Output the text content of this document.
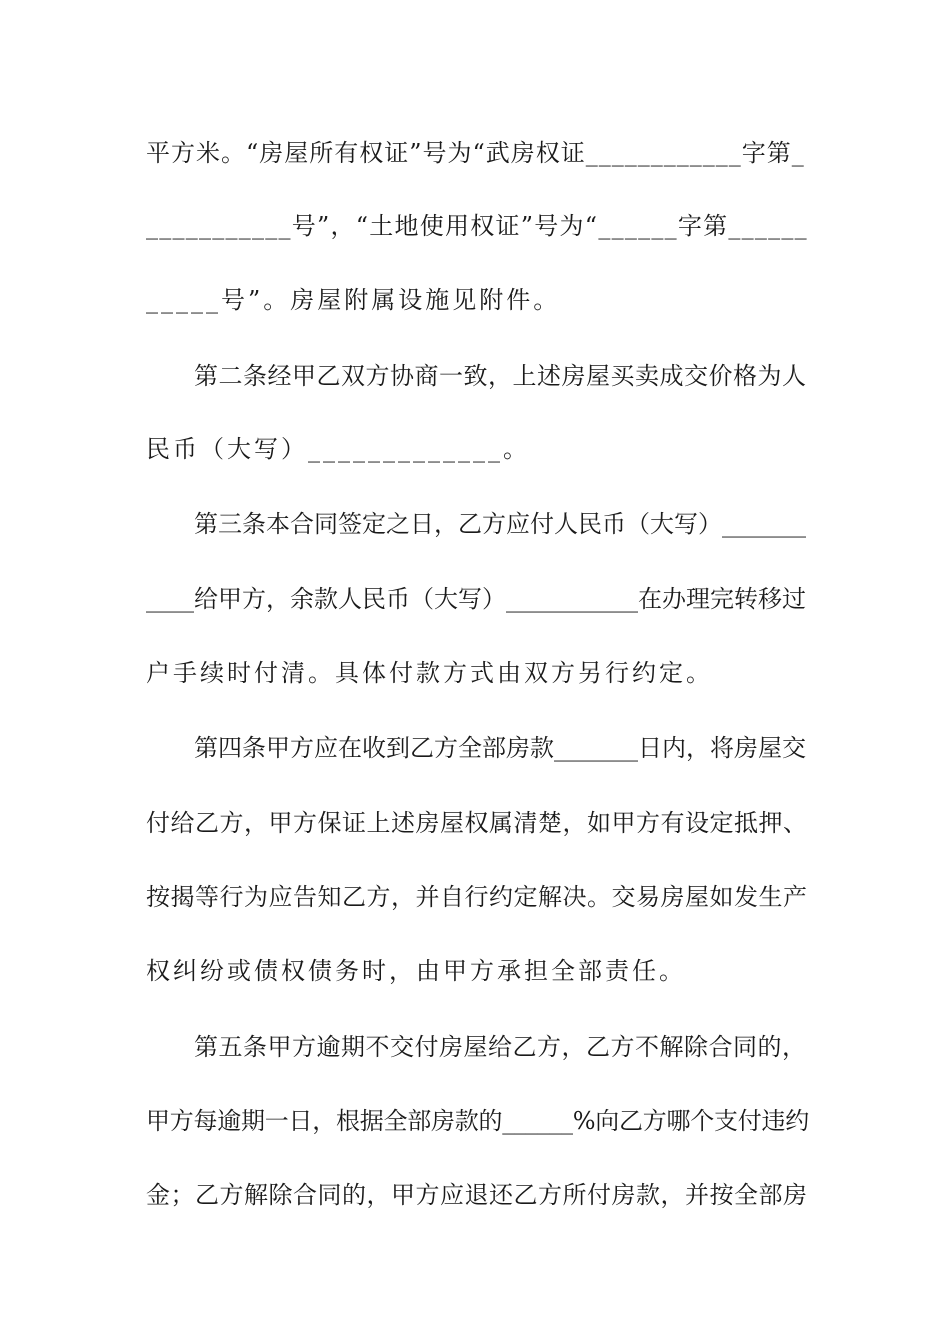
平方米。“房屋所有权证”号为“武房权证____________字第_
___________号”，“土地使用权证”号为“______字第______
_____号”。房屋附属设施见附件。
第二条经甲乙双方协商一致，上述房屋买卖成交价格为人
民币（大写）_____________。
第三条本合同签定之日，乙方应付人民币（大写）_______
____给甲方，余款人民币（大写）___________在办理完转移过
户手续时付清。具体付款方式由双方另行约定。
第四条甲方应在收到乙方全部房款_______日内，将房屋交
付给乙方，甲方保证上述房屋权属清楚，如甲方有设定抵押、
按揭等行为应告知乙方，并自行约定解决。交易房屋如发生产
权纠纷或债权债务时，由甲方承担全部责任。
第五条甲方逾期不交付房屋给乙方，乙方不解除合同的，
甲方每逾期一日，根据全部房款的______%向乙方哪个支付违约
金；乙方解除合同的，甲方应退还乙方所付房款，并按全部房
